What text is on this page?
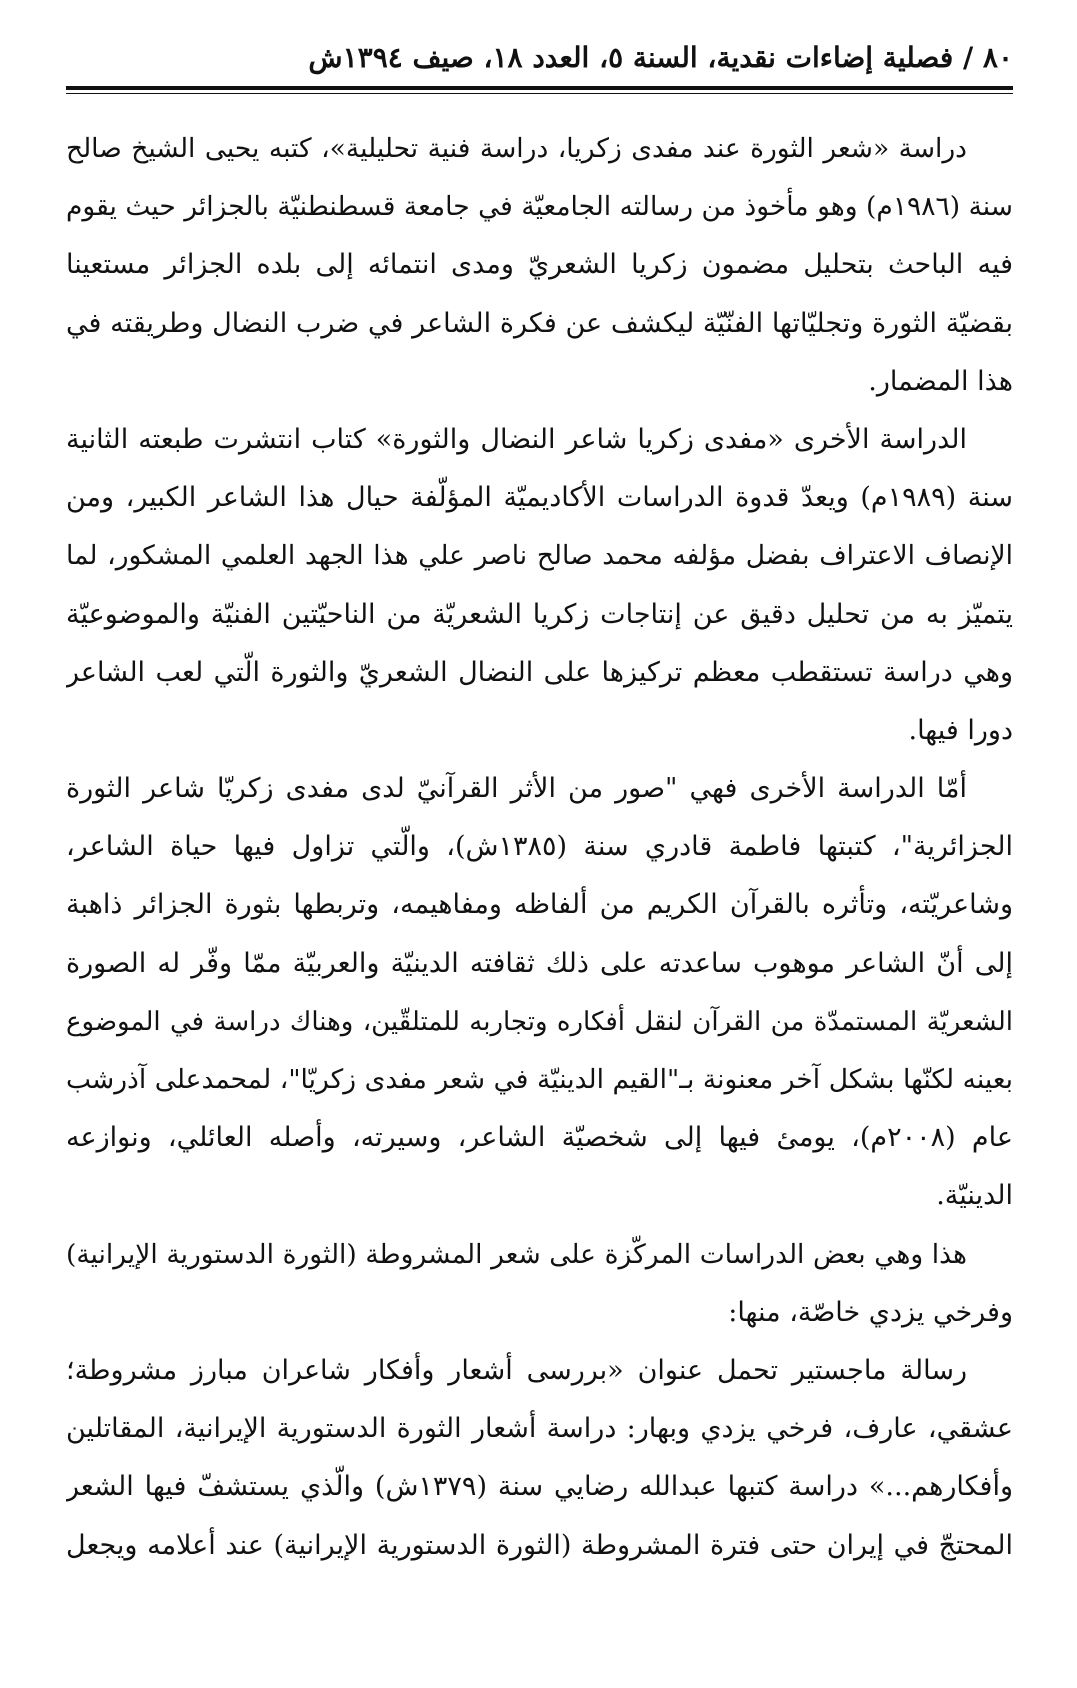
٨٠ / فصلية إضاءات نقدية، السنة ٥، العدد ١٨، صيف ١٣٩٤ش
دراسة «شعر الثورة عند مفدى زكريا، دراسة فنية تحليلية»، كتبه يحيى الشيخ صالح
سنة (١٩٨٦م) وهو مأخوذ من رسالته الجامعيّة في جامعة قسطنطنيّة بالجزائر حيث يقوم
فيه الباحث بتحليل مضمون زكريا الشعريّ ومدى انتمائه إلى بلده الجزائر مستعينا
بقضيّة الثورة وتجليّاتها الفنّيّة ليكشف عن فكرة الشاعر في ضرب النضال وطريقته في
هذا المضمار.
الدراسة الأخرى «مفدى زكريا شاعر النضال والثورة» كتاب انتشرت طبعته الثانية
سنة (١٩٨٩م) ويعدّ قدوة الدراسات الأكاديميّة المؤلّفة حيال هذا الشاعر الكبير، ومن
الإنصاف الاعتراف بفضل مؤلفه محمد صالح ناصر علي هذا الجهد العلمي المشكور، لما
يتميّز به من تحليل دقيق عن إنتاجات زكريا الشعريّة من الناحيّتين الفنيّة والموضوعيّة
وهي دراسة تستقطب معظم تركيزها على النضال الشعريّ والثورة الّتي لعب الشاعر
دورا فيها.
أمّا الدراسة الأخرى فهي "صور من الأثر القرآنيّ لدى مفدى زكريّا شاعر الثورة
الجزائرية"، كتبتها فاطمة قادري سنة (١٣٨٥ش)، والّتي تزاول فيها حياة الشاعر،
وشاعريّته، وتأثره بالقرآن الكريم من ألفاظه ومفاهيمه، وتربطها بثورة الجزائر ذاهبة
إلى أنّ الشاعر موهوب ساعدته على ذلك ثقافته الدينيّة والعربيّة ممّا وفّر له الصورة
الشعريّة المستمدّة من القرآن لنقل أفكاره وتجاربه للمتلقّين، وهناك دراسة في الموضوع
بعينه لكنّها بشكل آخر معنونة بـ"القيم الدينيّة في شعر مفدى زكريّا"، لمحمدعلى آذرشب
عام (٢٠٠٨م)، يومئ فيها إلى شخصيّة الشاعر، وسيرته، وأصله العائلي، ونوازعه
الدينيّة.
هذا وهي بعض الدراسات المركّزة على شعر المشروطة (الثورة الدستورية الإيرانية)
وفرخي يزدي خاصّة، منها:
رسالة ماجستير تحمل عنوان «بررسی أشعار وأفكار شاعران مبارز مشروطة؛
عشقي، عارف، فرخي يزدي وبهار: دراسة أشعار الثورة الدستورية الإيرانية، المقاتلين
وأفكارهم...» دراسة كتبها عبدالله رضايي سنة (١٣٧٩ش) والّذي يستشفّ فيها الشعر
المحتجّ في إيران حتى فترة المشروطة (الثورة الدستورية الإيرانية) عند أعلامه ويجعل
